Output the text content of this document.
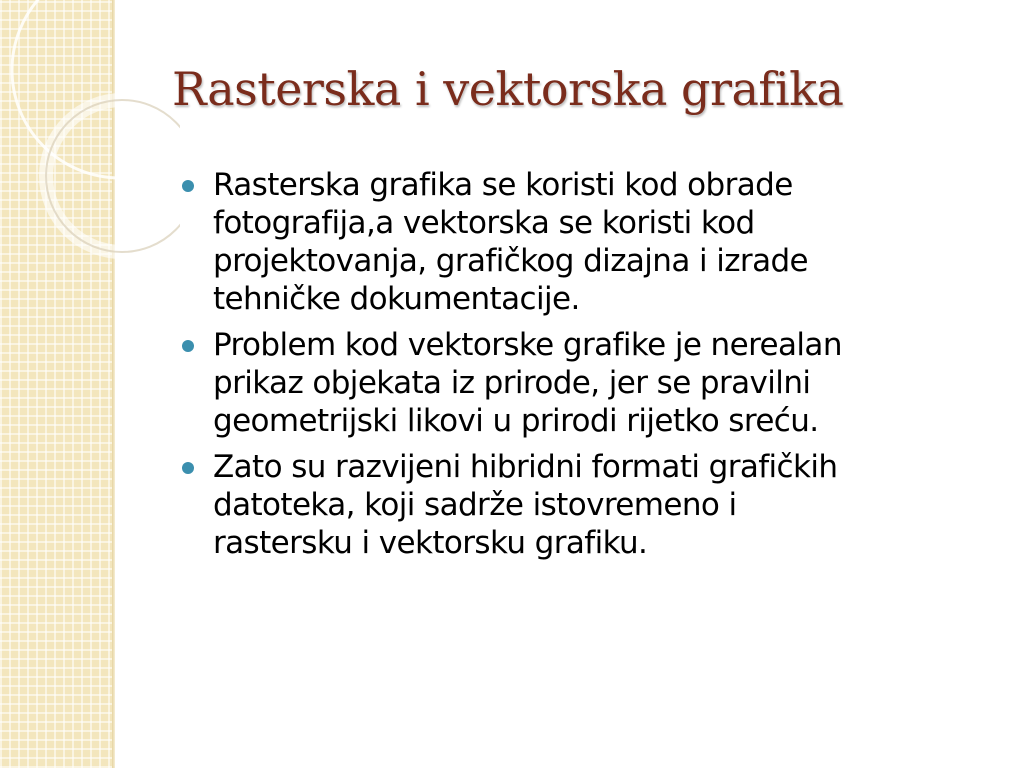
Rasterska i vektorska grafika
Rasterska grafika se koristi kod obrade
fotografija,a vektorska se koristi kod
projektovanja, grafičkog dizajna i izrade
tehničke dokumentacije.
Problem kod vektorske grafike je nerealan
prikaz objekata iz prirode, jer se pravilni
geometrijski likovi u prirodi rijetko sreću.
Zato su razvijeni hibridni formati grafičkih
datoteka, koji sadrže istovremeno i
rastersku i vektorsku grafiku.
